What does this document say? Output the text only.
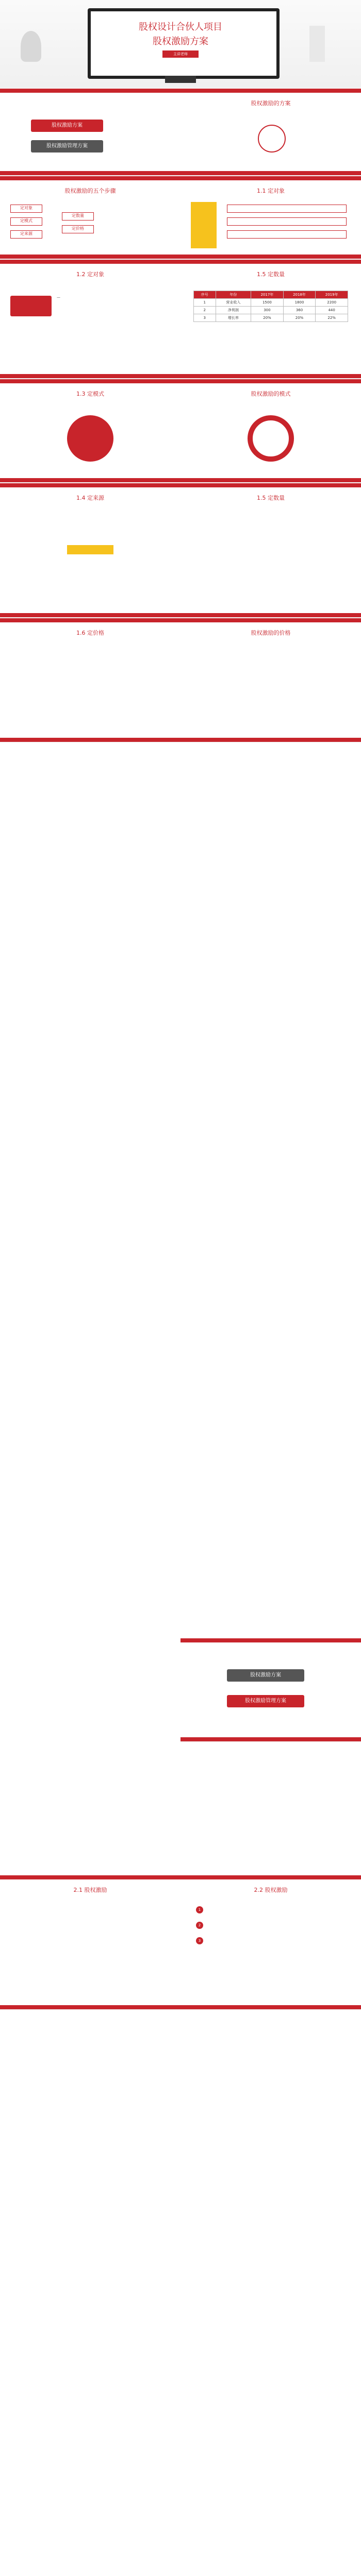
股权设计合伙人项目
股权激励方案
主讲老师
股权激励方案
股权激励管理方案
股权激励的方案
股权激励的五个步骤
定对象
定模式
定来源
定数量
定价格
1.1 定对象
1.2 定对象
—
1.5 定数量
序号	年份	2017年	2018年	2019年
1	营业收入	1500	1800	2200
2	净利润	300	360	440
3	增长率	20%	20%	22%
1.3 定模式	股权激励的模式
1.4 定来源	1.5 定数量
1.6 定价格	股权激励的价格
股权激励方案
股权激励管理方案
2.1 股权激励	2.2 股权激励
1
2
3
